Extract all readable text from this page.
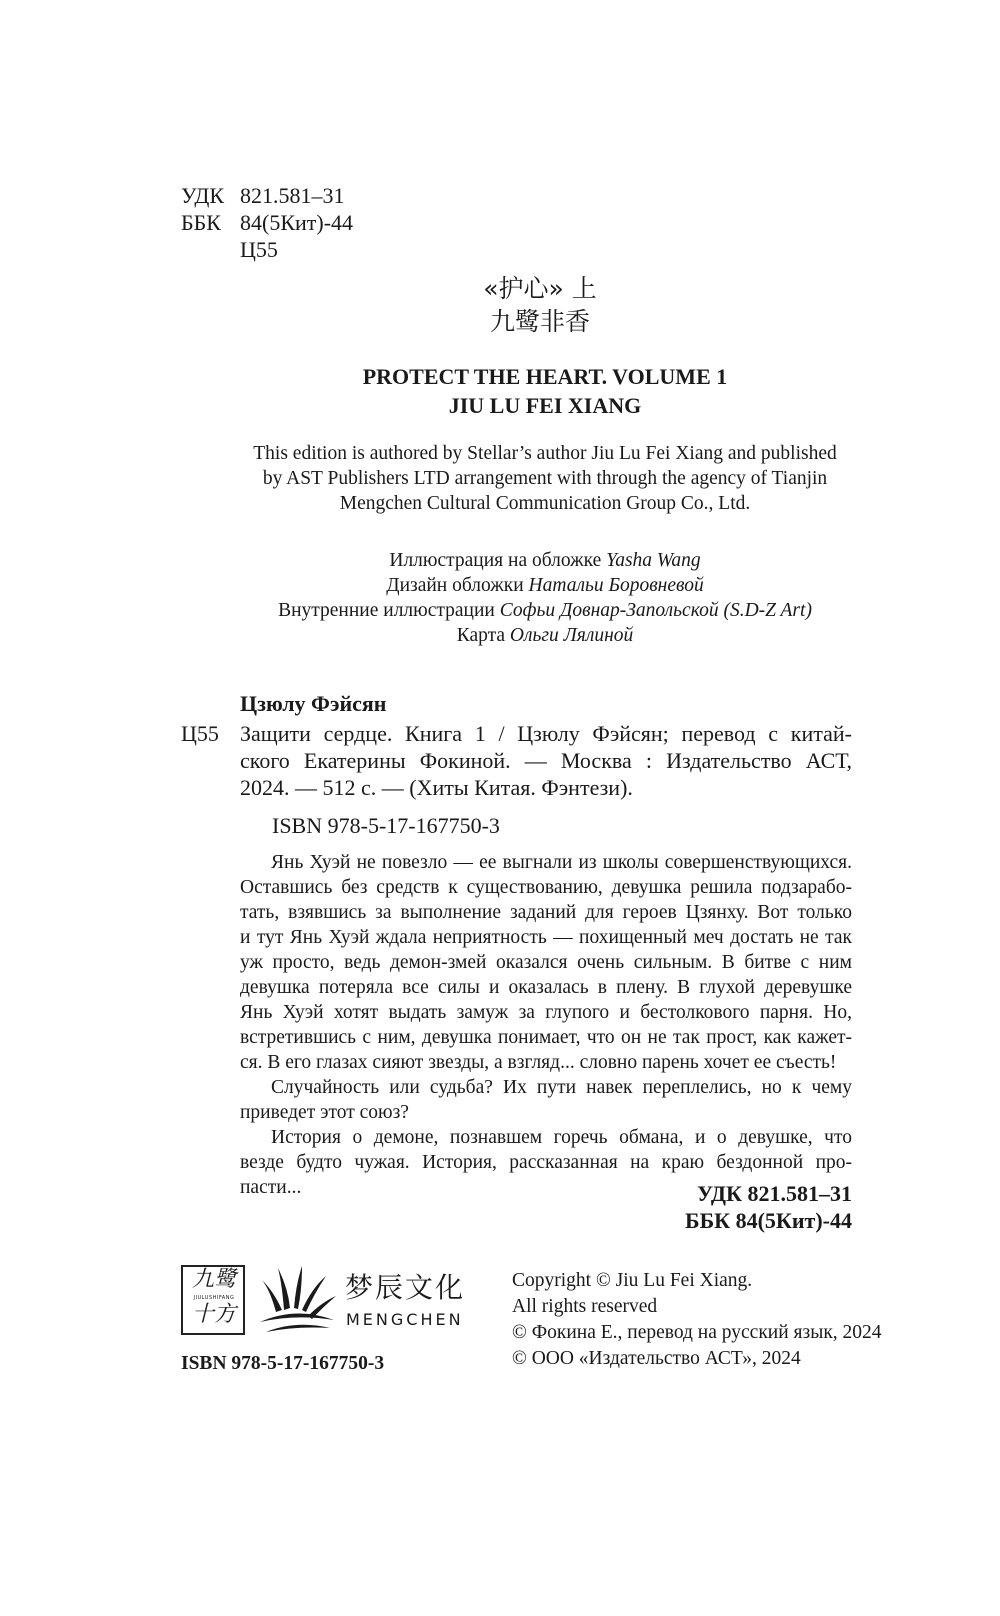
УДК 821.581–31
ББК 84(5Кит)-44
Ц55
«护心» 上
九鹭非香
PROTECT THE HEART. VOLUME 1
JIU LU FEI XIANG
This edition is authored by Stellar’s author Jiu Lu Fei Xiang and published
by AST Publishers LTD arrangement with through the agency of Tianjin
Mengchen Cultural Communication Group Co., Ltd.
Иллюстрация на обложке Yasha Wang
Дизайн обложки Натальи Боровневой
Внутренние иллюстрации Софьи Довнар-Запольской (S.D-Z Art)
Карта Ольги Лялиной
Цзюлу Фэйсян
Ц55 Защити сердце. Книга 1 / Цзюлу Фэйсян; перевод с китай-
ского Екатерины Фокиной. — Москва : Издательство АСТ,
2024. — 512 с. — (Хиты Китая. Фэнтези).
ISBN 978-5-17-167750-3
Янь Хуэй не повезло — ее выгнали из школы совершенствующихся.
Оставшись без средств к существованию, девушка решила подзарабо-
тать, взявшись за выполнение заданий для героев Цзянху. Вот только
и тут Янь Хуэй ждала неприятность — похищенный меч достать не так
уж просто, ведь демон-змей оказался очень сильным. В битве с ним
девушка потеряла все силы и оказалась в плену. В глухой деревушке
Янь Хуэй хотят выдать замуж за глупого и бестолкового парня. Но,
встретившись с ним, девушка понимает, что он не так прост, как кажет-
ся. В его глазах сияют звезды, а взгляд... словно парень хочет ее съесть!
Случайность или судьба? Их пути навек переплелись, но к чему
приведет этот союз?
История о демоне, познавшем горечь обмана, и о девушке, что
везде будто чужая. История, рассказанная на краю бездонной про-
пасти...	УДК 821.581–31
ББК 84(5Кит)-44
九鹭
JIULUSHIFANG
十方
梦辰文化
MENGCHEN
ISBN 978-5-17-167750-3
Copyright © Jiu Lu Fei Xiang.
All rights reserved
© Фокина Е., перевод на русский язык, 2024
© ООО «Издательство АСТ», 2024
